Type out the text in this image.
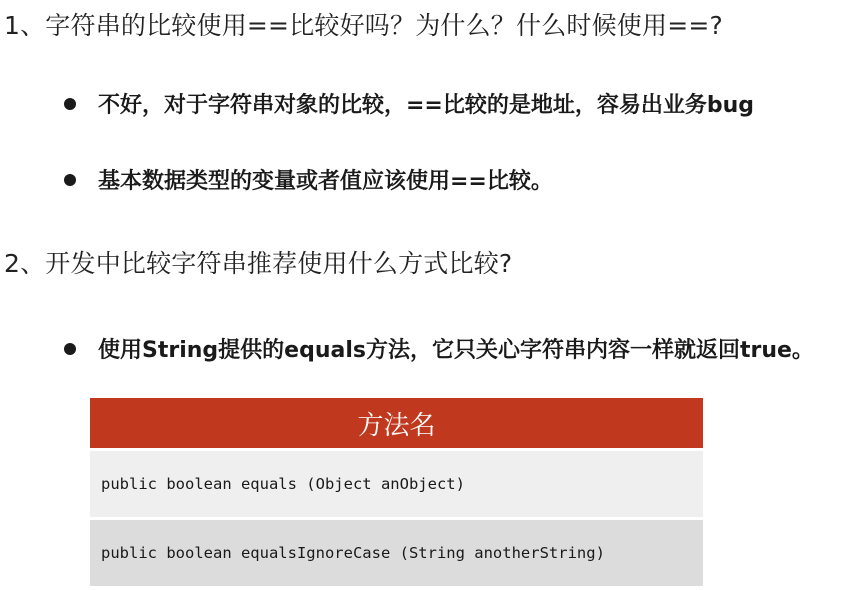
1、字符串的比较使用==比较好吗？为什么？什么时候使用==?
不好，对于字符串对象的比较，==比较的是地址，容易出业务bug
基本数据类型的变量或者值应该使用==比较。
2、开发中比较字符串推荐使用什么方式比较?
使用String提供的equals方法，它只关心字符串内容一样就返回true。
方法名
public boolean equals (Object anObject)
public boolean equalsIgnoreCase (String anotherString)
